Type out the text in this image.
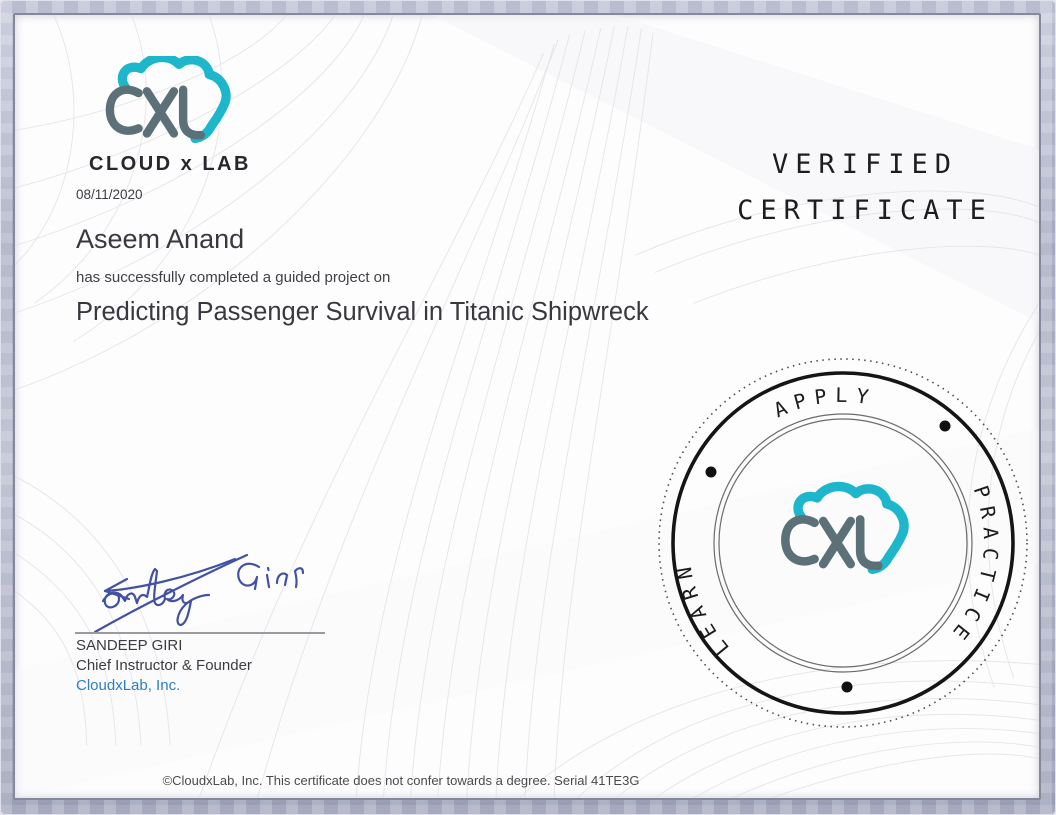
CLOUD x LAB
08/11/2020
VERIFIED
CERTIFICATE
Aseem Anand

has successfully completed a guided project on

Predicting Passenger Survival in Titanic Shipwreck
APPLY
PRACTICE
LEARN
SANDEEP GIRI
Chief Instructor & Founder
CloudxLab, Inc.
©CloudxLab, Inc. This certificate does not confer towards a degree. Serial 41TE3G
